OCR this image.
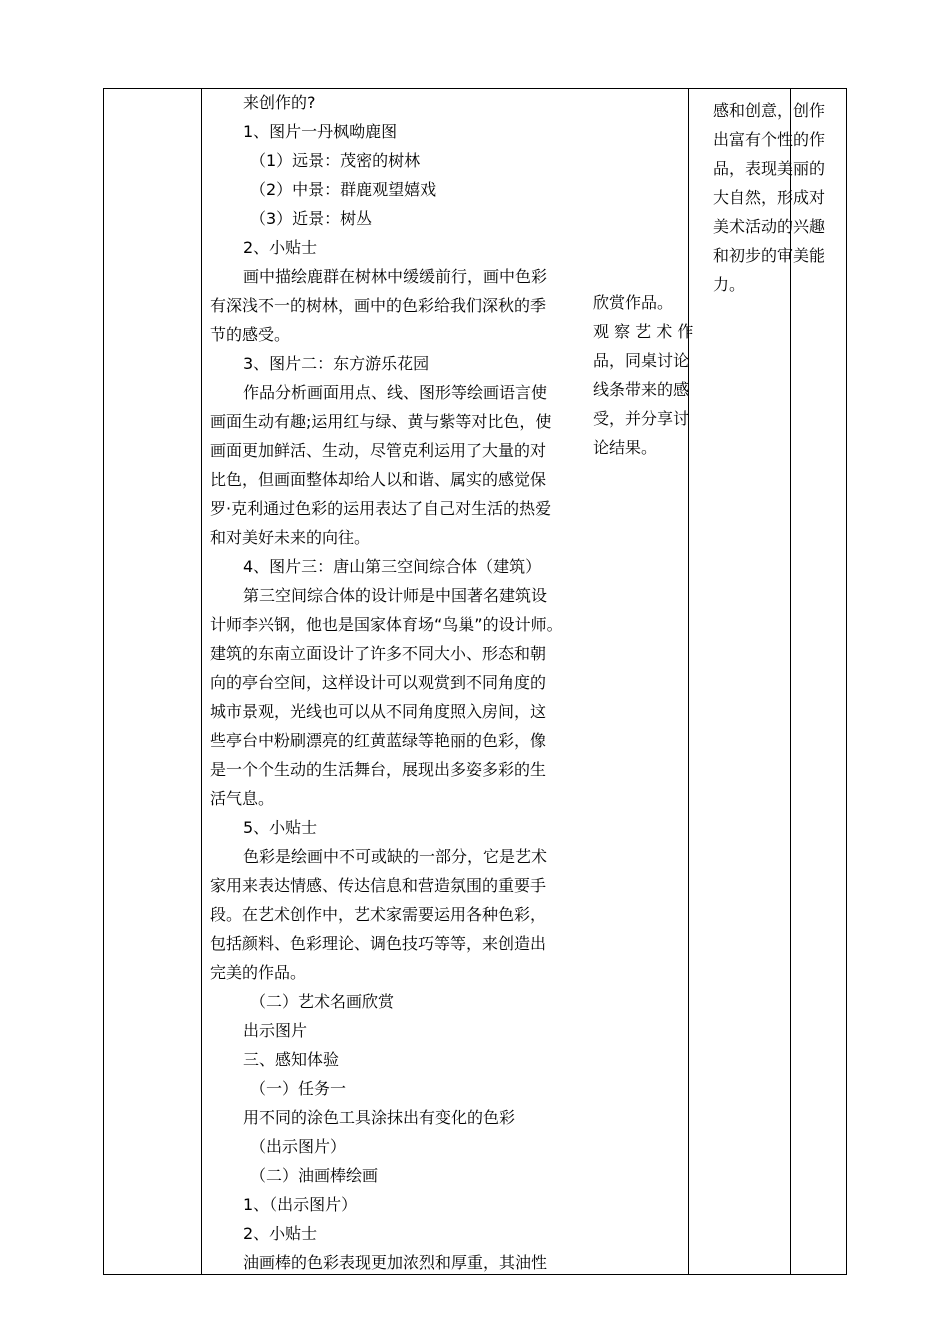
来创作的?
1、图片一丹枫呦鹿图
（1）远景：茂密的树林
（2）中景：群鹿观望嬉戏
（3）近景：树丛
2、小贴士
画中描绘鹿群在树林中缓缓前行，画中色彩
有深浅不一的树林，画中的色彩给我们深秋的季
节的感受。
3、图片二：东方游乐花园
作品分析画面用点、线、图形等绘画语言使
画面生动有趣;运用红与绿、黄与紫等对比色，使
画面更加鲜活、生动，尽管克利运用了大量的对
比色，但画面整体却给人以和谐、属实的感觉保
罗·克利通过色彩的运用表达了自己对生活的热爱
和对美好未来的向往。
4、图片三：唐山第三空间综合体（建筑）
第三空间综合体的设计师是中国著名建筑设
计师李兴钢，他也是国家体育场“鸟巢”的设计师。
建筑的东南立面设计了许多不同大小、形态和朝
向的亭台空间，这样设计可以观赏到不同角度的
城市景观，光线也可以从不同角度照入房间，这
些亭台中粉刷漂亮的红黄蓝绿等艳丽的色彩，像
是一个个生动的生活舞台，展现出多姿多彩的生
活气息。
5、小贴士
色彩是绘画中不可或缺的一部分，它是艺术
家用来表达情感、传达信息和营造氛围的重要手
段。在艺术创作中，艺术家需要运用各种色彩，
包括颜料、色彩理论、调色技巧等等，来创造出
完美的作品。
（二）艺术名画欣赏
出示图片
三、感知体验
（一）任务一
用不同的涂色工具涂抹出有变化的色彩
（出示图片）
（二）油画棒绘画
1、（出示图片）
2、小贴士
油画棒的色彩表现更加浓烈和厚重，其油性
欣赏作品。
观 察 艺 术 作
品，同桌讨论
线条带来的感
受，并分享讨
论结果。
感和创意，创作
出富有个性的作
品，表现美丽的
大自然，形成对
美术活动的兴趣
和初步的审美能
力。
